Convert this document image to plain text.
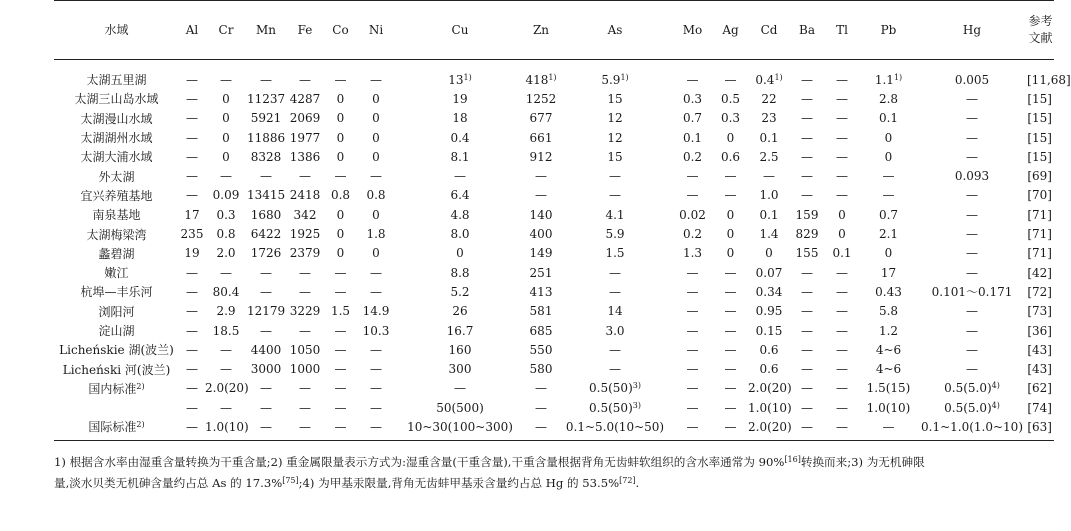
水域	Al	Cr	Mn	Fe	Co	Ni	Cu	Zn	As	Mo	Ag	Cd	Ba	Tl	Pb	Hg	参考文献
太湖五里湖	—	—	—	—	—	—	13$^{1)}$	418$^{1)}$	5.9$^{1)}$	—	—	0.4$^{1)}$	—	—	1.1$^{1)}$	0.005	[11,68]
太湖三山岛水域	—	0	11237	4287	0	0	19	1252	15	0.3	0.5	22	—	—	2.8	—	[15]
太湖漫山水域	—	0	5921	2069	0	0	18	677	12	0.7	0.3	23	—	—	0.1	—	[15]
太湖湖州水域	—	0	11886	1977	0	0	0.4	661	12	0.1	0	0.1	—	—	0	—	[15]
太湖大浦水域	—	0	8328	1386	0	0	8.1	912	15	0.2	0.6	2.5	—	—	0	—	[15]
外太湖	—	—	—	—	—	—	—	—	—	—	—	—	—	—	—	0.093	[69]
宜兴养殖基地	—	0.09	13415	2418	0.8	0.8	6.4	—	—	—	—	1.0	—	—	—	—	[70]
南泉基地	17	0.3	1680	342	0	0	4.8	140	4.1	0.02	0	0.1	159	0	0.7	—	[71]
太湖梅梁湾	235	0.8	6422	1925	0	1.8	8.0	400	5.9	0.2	0	1.4	829	0	2.1	—	[71]
蠡碧湖	19	2.0	1726	2379	0	0	0	149	1.5	1.3	0	0	155	0.1	0	—	[71]
嫩江	—	—	—	—	—	—	8.8	251	—	—	—	0.07	—	—	17	—	[42]
杭埠—丰乐河	—	80.4	—	—	—	—	5.2	413	—	—	—	0.34	—	—	0.43	0.101～0.171	[72]
浏阳河	—	2.9	12179	3229	1.5	14.9	26	581	14	—	—	0.95	—	—	5.8	—	[73]
淀山湖	—	18.5	—	—	—	10.3	16.7	685	3.0	—	—	0.15	—	—	1.2	—	[36]
Licheńskie 湖(波兰)	—	—	4400	1050	—	—	160	550	—	—	—	0.6	—	—	4~6	—	[43]
Licheński 河(波兰)	—	—	3000	1000	—	—	300	580	—	—	—	0.6	—	—	4~6	—	[43]
国内标准$^{2)}$	—	2.0(20)	—	—	—	—	—	—	$0.5(50)^{3)}$	—	—	2.0(20)	—	—	1.5(15)	$0.5(5.0)^{4)}$	[62]
	—	—	—	—	—	—	50(500)	—	$0.5(50)^{3)}$	—	—	1.0(10)	—	—	1.0(10)	$0.5(5.0)^{4)}$	[74]
国际标准$^{2)}$	—	1.0(10)	—	—	—	—	10~30(100~300)	—	0.1~5.0(10~50)	—	—	2.0(20)	—	—	—	0.1~1.0(1.0~10)	[63]
1) 根据含水率由湿重含量转换为干重含量;2) 重金属限量表示方式为:湿重含量(干重含量),干重含量根据背角无齿蚌软组织的含水率通常为 90%[16]转换而来;3) 为无机砷限
量,淡水贝类无机砷含量约占总 As 的 17.3%[75];4) 为甲基汞限量,背角无齿蚌甲基汞含量约占总 Hg 的 53.5%[72].
